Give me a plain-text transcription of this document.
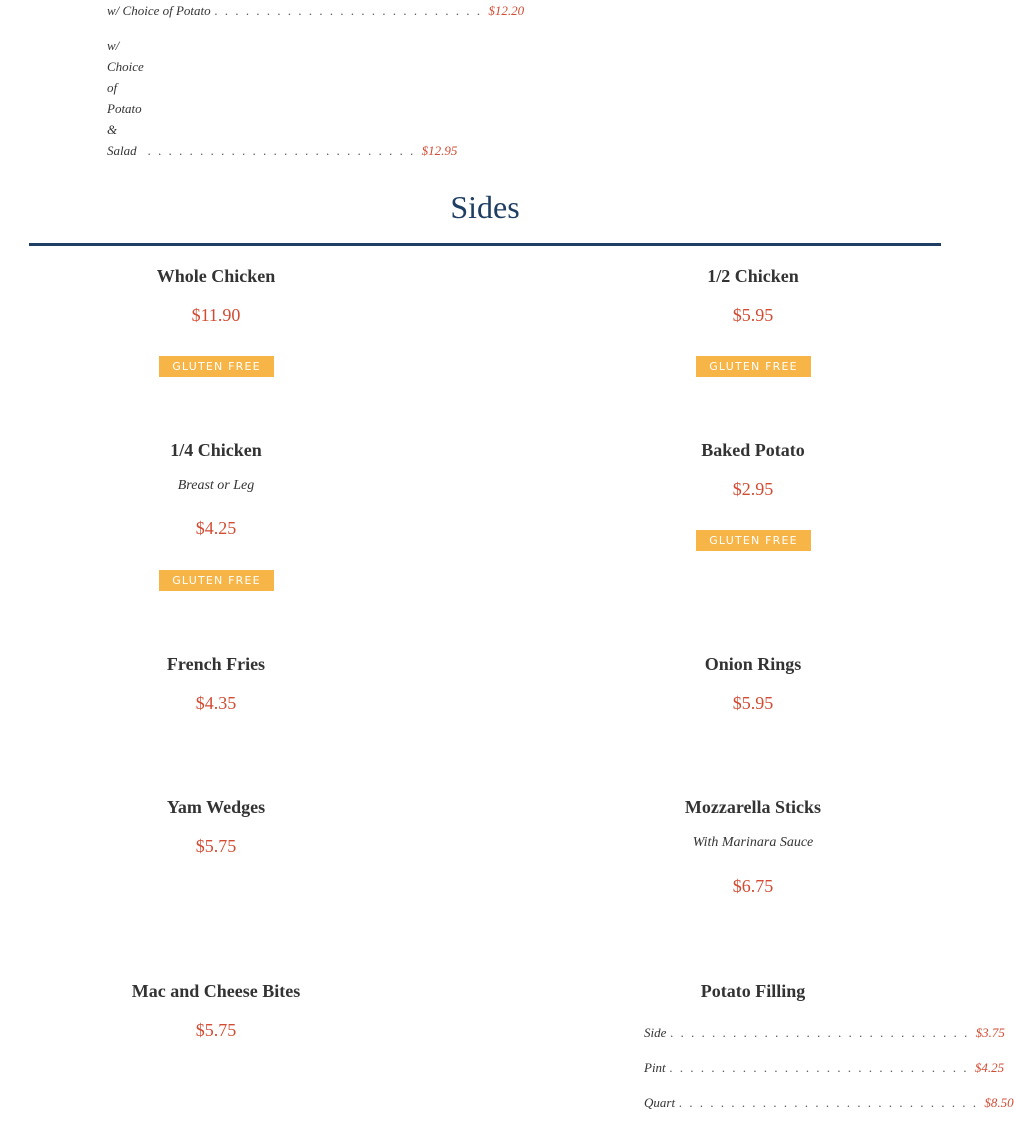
w/ Choice of Potato . . . . . . . . . . . . . . . . . . . . . . . . . . $12.20
w/ Choice of Potato & Salad . . . . . . . . . . . . . . . . . . . . . . . . . . $12.95
Sides
Whole Chicken
$11.90
GLUTEN FREE
1/2 Chicken
$5.95
GLUTEN FREE
1/4 Chicken
Breast or Leg
$4.25
GLUTEN FREE
Baked Potato
$2.95
GLUTEN FREE
French Fries
$4.35
Onion Rings
$5.95
Yam Wedges
$5.75
Mozzarella Sticks
With Marinara Sauce
$6.75
Mac and Cheese Bites
$5.75
Potato Filling
Side . . . . . . . . . . . . . . . . . . . . . . . . . . . . . $3.75
Pint . . . . . . . . . . . . . . . . . . . . . . . . . . . . . $4.25
Quart . . . . . . . . . . . . . . . . . . . . . . . . . . . . . $8.50
